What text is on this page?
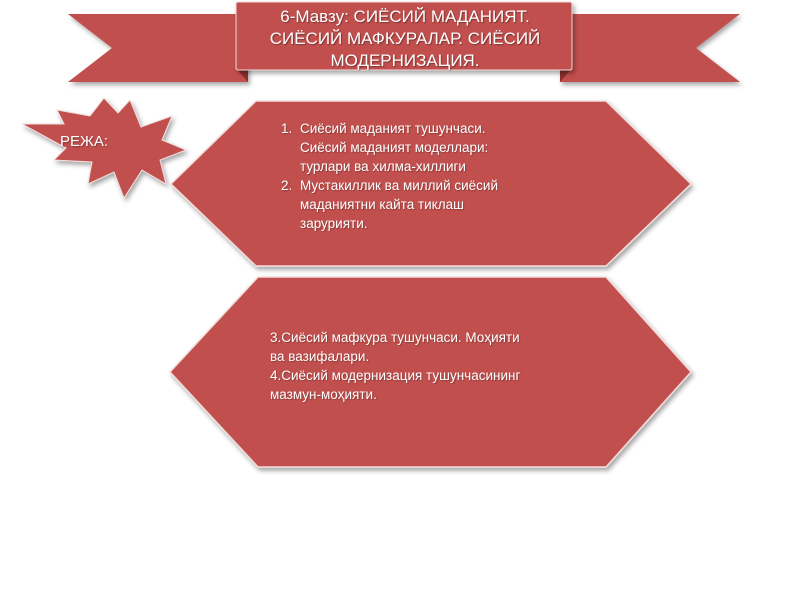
6-Мавзу: СИЁСИЙ МАДАНИЯТ.
СИЁСИЙ МАФКУРАЛАР. СИЁСИЙ
МОДЕРНИЗАЦИЯ.
РЕЖА:
1. Сиёсий маданият тушунчаси.
Сиёсий маданият моделлари:
турлари ва хилма-хиллиги
2. Мустакиллик ва миллий сиёсий
маданиятни кайта тиклаш
зарурияти.

3.Сиёсий мафкура тушунчаси. Моҳияти

ва вазифалари.

4.Сиёсий модернизация тушунчасининг

мазмун-моҳияти.
